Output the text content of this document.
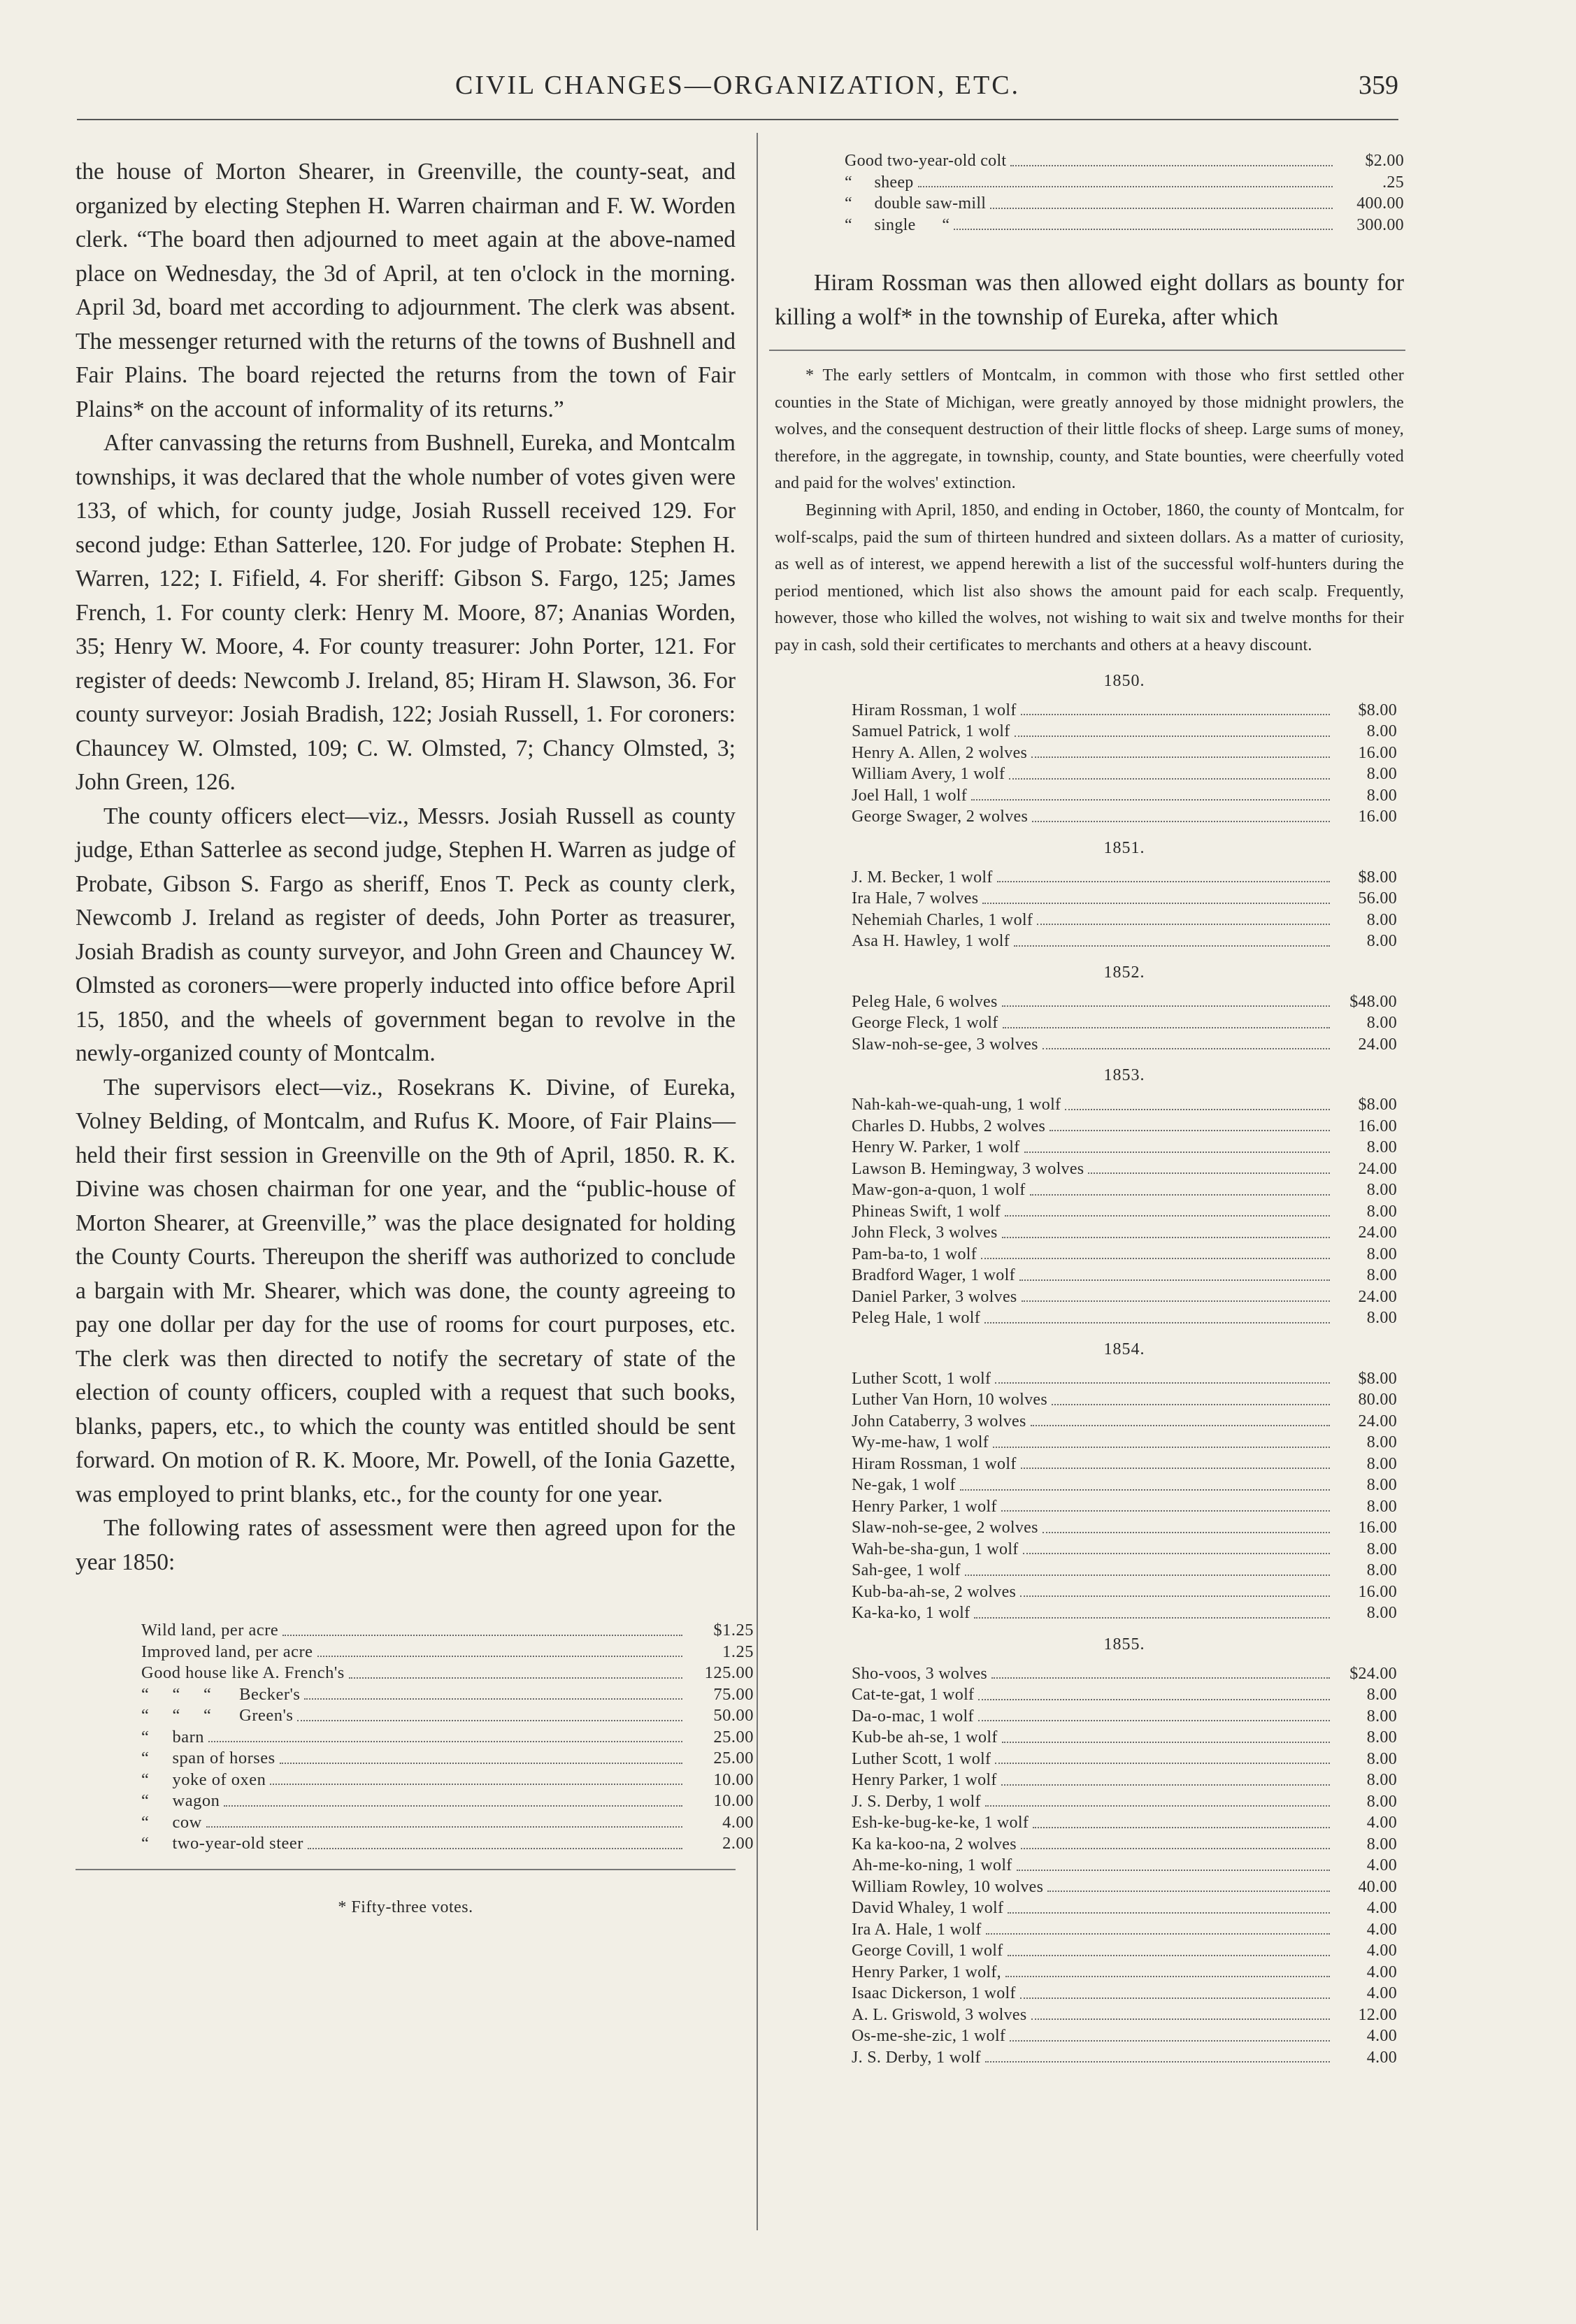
CIVIL CHANGES—ORGANIZATION, ETC.	359

the house of Morton Shearer, in Greenville, the county-seat, and organized by electing Stephen H. Warren chairman and F. W. Worden clerk. “The board then adjourned to meet again at the above-named place on Wednesday, the 3d of April, at ten o'clock in the morning. April 3d, board met according to adjournment. The clerk was absent. The messenger returned with the returns of the towns of Bushnell and Fair Plains. The board rejected the returns from the town of Fair Plains* on the account of informality of its returns.”

After canvassing the returns from Bushnell, Eureka, and Montcalm townships, it was declared that the whole number of votes given were 133, of which, for county judge, Josiah Russell received 129. For second judge: Ethan Satterlee, 120. For judge of Probate: Stephen H. Warren, 122; I. Fifield, 4. For sheriff: Gibson S. Fargo, 125; James French, 1. For county clerk: Henry M. Moore, 87; Ananias Worden, 35; Henry W. Moore, 4. For county treasurer: John Porter, 121. For register of deeds: Newcomb J. Ireland, 85; Hiram H. Slawson, 36. For county surveyor: Josiah Bradish, 122; Josiah Russell, 1. For coroners: Chauncey W. Olmsted, 109; C. W. Olmsted, 7; Chancy Olmsted, 3; John Green, 126.

The county officers elect—viz., Messrs. Josiah Russell as county judge, Ethan Satterlee as second judge, Stephen H. Warren as judge of Probate, Gibson S. Fargo as sheriff, Enos T. Peck as county clerk, Newcomb J. Ireland as register of deeds, John Porter as treasurer, Josiah Bradish as county surveyor, and John Green and Chauncey W. Olmsted as coroners—were properly inducted into office before April 15, 1850, and the wheels of government began to revolve in the newly-organized county of Montcalm.

The supervisors elect—viz., Rosekrans K. Divine, of Eureka, Volney Belding, of Montcalm, and Rufus K. Moore, of Fair Plains—held their first session in Greenville on the 9th of April, 1850. R. K. Divine was chosen chairman for one year, and the “public-house of Morton Shearer, at Greenville,” was the place designated for holding the County Courts. Thereupon the sheriff was authorized to conclude a bargain with Mr. Shearer, which was done, the county agreeing to pay one dollar per day for the use of rooms for court purposes, etc. The clerk was then directed to notify the secretary of state of the election of county officers, coupled with a request that such books, blanks, papers, etc., to which the county was entitled should be sent forward. On motion of R. K. Moore, Mr. Powell, of the Ionia Gazette, was employed to print blanks, etc., for the county for one year.

The following rates of assessment were then agreed upon for the year 1850:

Wild land, per acre	$1.25
Improved land, per acre	1.25
Good house like A. French's	125.00
“     “     “      Becker's	75.00
“     “     “      Green's	50.00
“     barn	25.00
“     span of horses	25.00
“     yoke of oxen	10.00
“     wagon	10.00
“     cow	4.00
“     two-year-old steer	2.00
* Fifty-three votes.
Good two-year-old colt	$2.00
“     sheep	.25
“     double saw-mill	400.00
“     single      “	300.00

Hiram Rossman was then allowed eight dollars as bounty for killing a wolf* in the township of Eureka, after which

* The early settlers of Montcalm, in common with those who first settled other counties in the State of Michigan, were greatly annoyed by those midnight prowlers, the wolves, and the consequent destruction of their little flocks of sheep. Large sums of money, therefore, in the aggregate, in township, county, and State bounties, were cheerfully voted and paid for the wolves' extinction.

Beginning with April, 1850, and ending in October, 1860, the county of Montcalm, for wolf-scalps, paid the sum of thirteen hundred and sixteen dollars. As a matter of curiosity, as well as of interest, we append herewith a list of the successful wolf-hunters during the period mentioned, which list also shows the amount paid for each scalp. Frequently, however, those who killed the wolves, not wishing to wait six and twelve months for their pay in cash, sold their certificates to merchants and others at a heavy discount.

1850.
Hiram Rossman, 1 wolf	$8.00
Samuel Patrick, 1 wolf	8.00
Henry A. Allen, 2 wolves	16.00
William Avery, 1 wolf	8.00
Joel Hall, 1 wolf	8.00
George Swager, 2 wolves	16.00
1851.
J. M. Becker, 1 wolf	$8.00
Ira Hale, 7 wolves	56.00
Nehemiah Charles, 1 wolf	8.00
Asa H. Hawley, 1 wolf	8.00
1852.
Peleg Hale, 6 wolves	$48.00
George Fleck, 1 wolf	8.00
Slaw-noh-se-gee, 3 wolves	24.00
1853.
Nah-kah-we-quah-ung, 1 wolf	$8.00
Charles D. Hubbs, 2 wolves	16.00
Henry W. Parker, 1 wolf	8.00
Lawson B. Hemingway, 3 wolves	24.00
Maw-gon-a-quon, 1 wolf	8.00
Phineas Swift, 1 wolf	8.00
John Fleck, 3 wolves	24.00
Pam-ba-to, 1 wolf	8.00
Bradford Wager, 1 wolf	8.00
Daniel Parker, 3 wolves	24.00
Peleg Hale, 1 wolf	8.00
1854.
Luther Scott, 1 wolf	$8.00
Luther Van Horn, 10 wolves	80.00
John Cataberry, 3 wolves	24.00
Wy-me-haw, 1 wolf	8.00
Hiram Rossman, 1 wolf	8.00
Ne-gak, 1 wolf	8.00
Henry Parker, 1 wolf	8.00
Slaw-noh-se-gee, 2 wolves	16.00
Wah-be-sha-gun, 1 wolf	8.00
Sah-gee, 1 wolf	8.00
Kub-ba-ah-se, 2 wolves	16.00
Ka-ka-ko, 1 wolf	8.00
1855.
Sho-voos, 3 wolves	$24.00
Cat-te-gat, 1 wolf	8.00
Da-o-mac, 1 wolf	8.00
Kub-be ah-se, 1 wolf	8.00
Luther Scott, 1 wolf	8.00
Henry Parker, 1 wolf	8.00
J. S. Derby, 1 wolf	8.00
Esh-ke-bug-ke-ke, 1 wolf	4.00
Ka ka-koo-na, 2 wolves	8.00
Ah-me-ko-ning, 1 wolf	4.00
William Rowley, 10 wolves	40.00
David Whaley, 1 wolf	4.00
Ira A. Hale, 1 wolf	4.00
George Covill, 1 wolf	4.00
Henry Parker, 1 wolf,	4.00
Isaac Dickerson, 1 wolf	4.00
A. L. Griswold, 3 wolves	12.00
Os-me-she-zic, 1 wolf	4.00
J. S. Derby, 1 wolf	4.00
